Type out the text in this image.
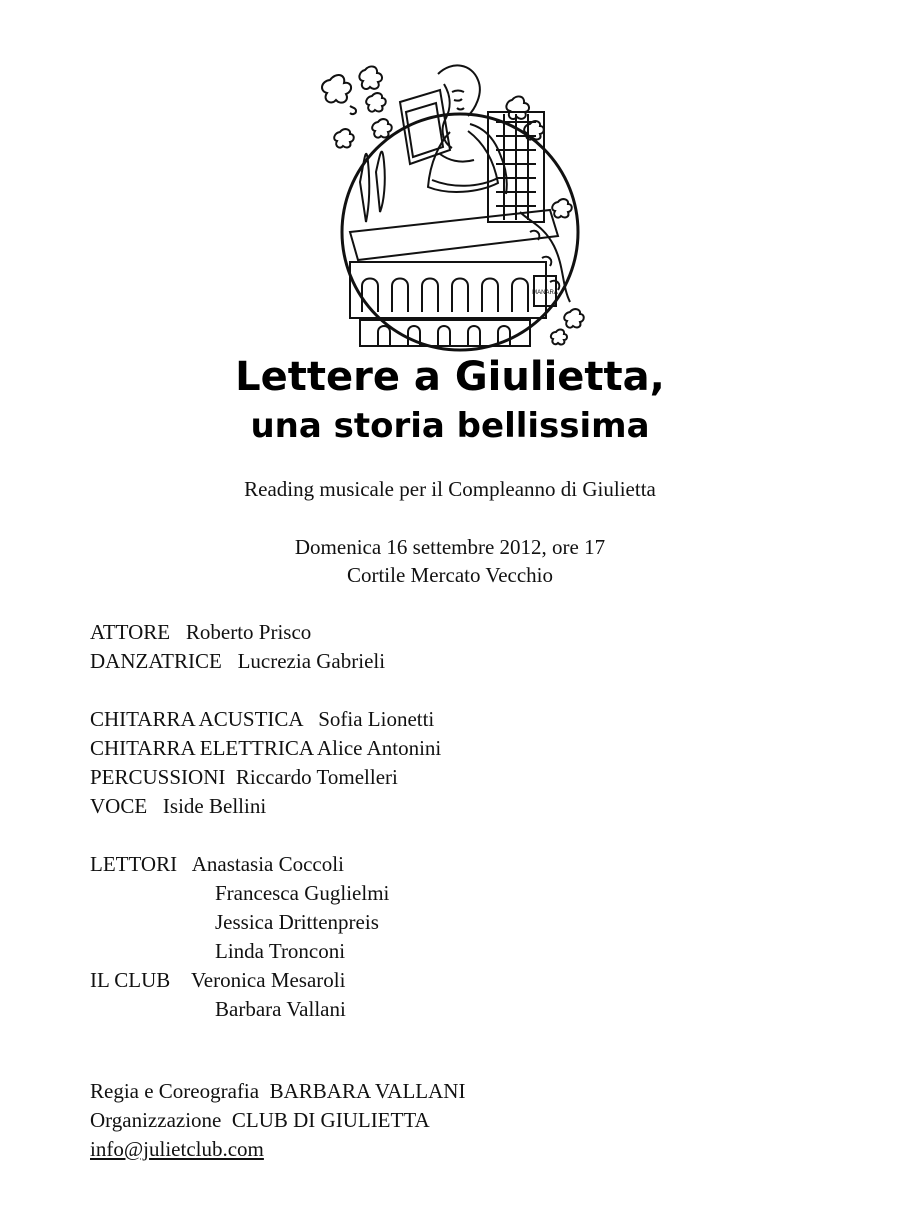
MANARA
Lettere a Giulietta,
una storia bellissima
Reading musicale per il Compleanno di Giulietta
Domenica 16 settembre 2012, ore 17
Cortile Mercato Vecchio
ATTORE Roberto Prisco
DANZATRICE Lucrezia Gabrieli
CHITARRA ACUSTICA Sofia Lionetti
CHITARRA ELETTRICA Alice Antonini
PERCUSSIONI Riccardo Tomelleri
VOCE Iside Bellini
LETTORI Anastasia Coccoli
Francesca Guglielmi
Jessica Drittenpreis
Linda Tronconi
IL CLUB Veronica Mesaroli
Barbara Vallani
Regia e Coreografia BARBARA VALLANI
Organizzazione CLUB DI GIULIETTA
info@julietclub.com
